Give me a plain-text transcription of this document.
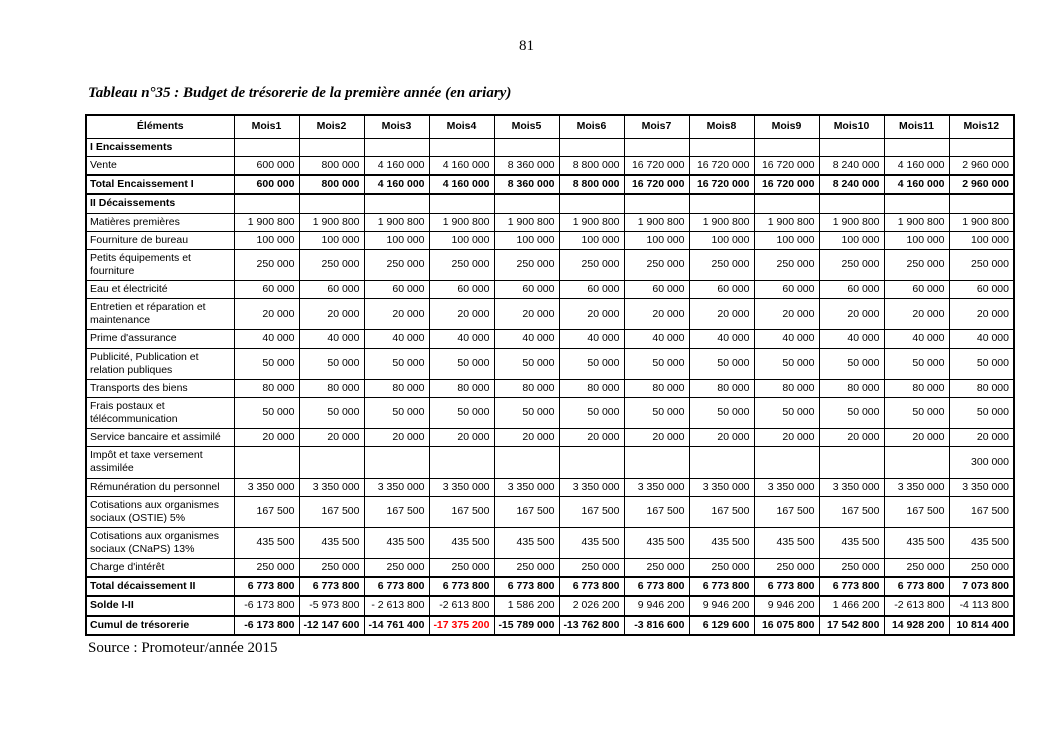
81
Tableau n°35 : Budget de trésorerie de la première année (en ariary)
Éléments	Mois1	Mois2	Mois3	Mois4	Mois5	Mois6	Mois7	Mois8	Mois9	Mois10	Mois11	Mois12
I Encaissements												
Vente	600 000	800 000	4 160 000	4 160 000	8 360 000	8 800 000	16 720 000	16 720 000	16 720 000	8 240 000	4 160 000	2 960 000
Total Encaissement I	600 000	800 000	4 160 000	4 160 000	8 360 000	8 800 000	16 720 000	16 720 000	16 720 000	8 240 000	4 160 000	2 960 000
II Décaissements												
Matières premières	1 900 800	1 900 800	1 900 800	1 900 800	1 900 800	1 900 800	1 900 800	1 900 800	1 900 800	1 900 800	1 900 800	1 900 800
Fourniture de bureau	100 000	100 000	100 000	100 000	100 000	100 000	100 000	100 000	100 000	100 000	100 000	100 000
Petits équipements et fourniture	250 000	250 000	250 000	250 000	250 000	250 000	250 000	250 000	250 000	250 000	250 000	250 000
Eau et électricité	60 000	60 000	60 000	60 000	60 000	60 000	60 000	60 000	60 000	60 000	60 000	60 000
Entretien et réparation et maintenance	20 000	20 000	20 000	20 000	20 000	20 000	20 000	20 000	20 000	20 000	20 000	20 000
Prime d'assurance	40 000	40 000	40 000	40 000	40 000	40 000	40 000	40 000	40 000	40 000	40 000	40 000
Publicité, Publication et relation publiques	50 000	50 000	50 000	50 000	50 000	50 000	50 000	50 000	50 000	50 000	50 000	50 000
Transports des biens	80 000	80 000	80 000	80 000	80 000	80 000	80 000	80 000	80 000	80 000	80 000	80 000
Frais postaux et télécommunication	50 000	50 000	50 000	50 000	50 000	50 000	50 000	50 000	50 000	50 000	50 000	50 000
Service bancaire et assimilé	20 000	20 000	20 000	20 000	20 000	20 000	20 000	20 000	20 000	20 000	20 000	20 000
Impôt et taxe versement assimilée												300 000
Rémunération du personnel	3 350 000	3 350 000	3 350 000	3 350 000	3 350 000	3 350 000	3 350 000	3 350 000	3 350 000	3 350 000	3 350 000	3 350 000
Cotisations aux organismes sociaux (OSTIE) 5%	167 500	167 500	167 500	167 500	167 500	167 500	167 500	167 500	167 500	167 500	167 500	167 500
Cotisations aux organismes sociaux (CNaPS) 13%	435 500	435 500	435 500	435 500	435 500	435 500	435 500	435 500	435 500	435 500	435 500	435 500
Charge d'intérêt	250 000	250 000	250 000	250 000	250 000	250 000	250 000	250 000	250 000	250 000	250 000	250 000
Total décaissement II	6 773 800	6 773 800	6 773 800	6 773 800	6 773 800	6 773 800	6 773 800	6 773 800	6 773 800	6 773 800	6 773 800	7 073 800
Solde I-II	-6 173 800	-5 973 800	- 2 613 800	-2 613 800	1 586 200	2 026 200	9 946 200	9 946 200	9 946 200	1 466 200	-2 613 800	-4 113 800
Cumul de trésorerie	-6 173 800	-12 147 600	-14 761 400	-17 375 200	-15 789 000	-13 762 800	-3 816 600	6 129 600	16 075 800	17 542 800	14 928 200	10 814 400
Source : Promoteur/année 2015
